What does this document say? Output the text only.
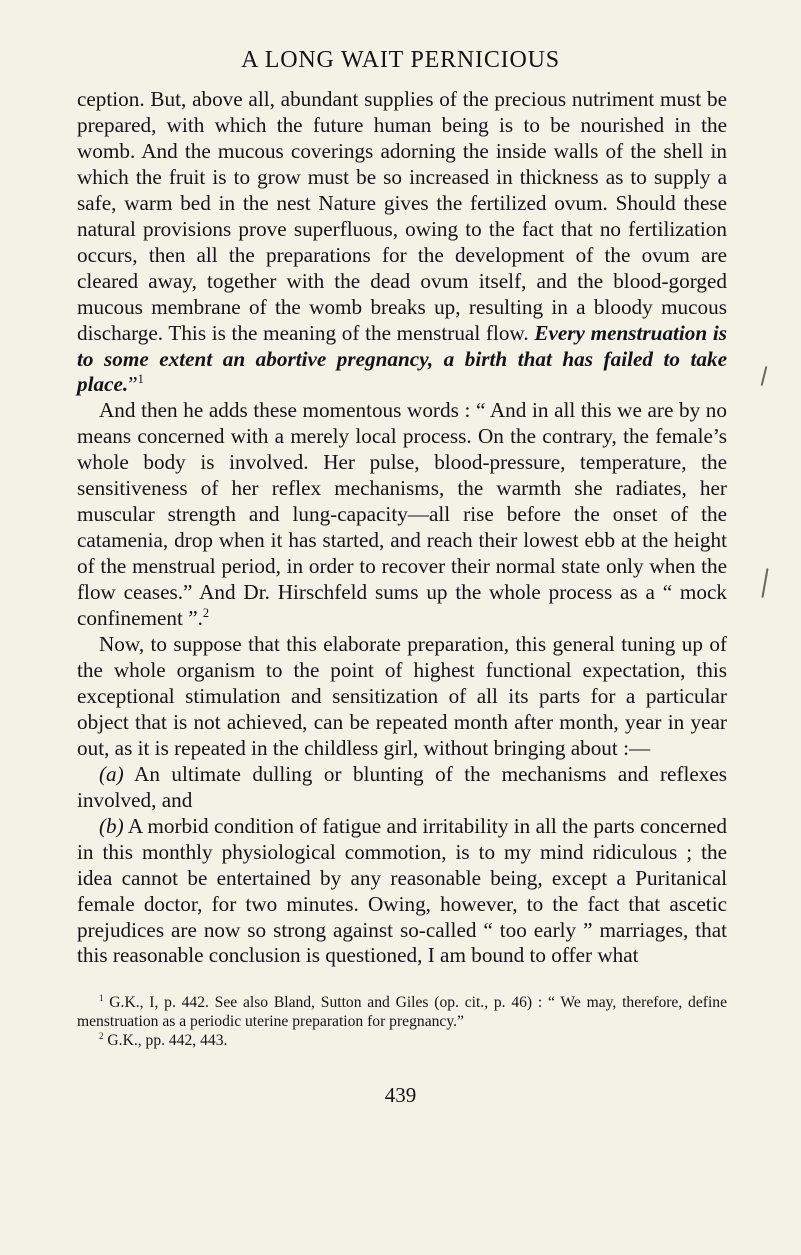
A LONG WAIT PERNICIOUS

ception. But, above all, abundant supplies of the precious nutriment must be prepared, with which the future human being is to be nourished in the womb. And the mucous coverings adorning the inside walls of the shell in which the fruit is to grow must be so increased in thickness as to supply a safe, warm bed in the nest Nature gives the fertilized ovum. Should these natural provisions prove superfluous, owing to the fact that no fertilization occurs, then all the preparations for the development of the ovum are cleared away, together with the dead ovum itself, and the blood-gorged mucous membrane of the womb breaks up, resulting in a bloody mucous discharge. This is the meaning of the menstrual flow. Every menstruation is to some extent an abortive pregnancy, a birth that has failed to take place.”$^1$

And then he adds these momentous words : “ And in all this we are by no means concerned with a merely local process. On the contrary, the female’s whole body is involved. Her pulse, blood-pressure, temperature, the sensitiveness of her reflex mechanisms, the warmth she radiates, her muscular strength and lung-capacity—all rise before the onset of the catamenia, drop when it has started, and reach their lowest ebb at the height of the menstrual period, in order to recover their normal state only when the flow ceases.” And Dr. Hirschfeld sums up the whole process as a “ mock confinement ”.$^2$

Now, to suppose that this elaborate preparation, this general tuning up of the whole organism to the point of highest functional expectation, this exceptional stimulation and sensitization of all its parts for a particular object that is not achieved, can be repeated month after month, year in year out, as it is repeated in the childless girl, without bringing about :—

(a) An ultimate dulling or blunting of the mechanisms and reflexes involved, and

(b) A morbid condition of fatigue and irritability in all the parts concerned in this monthly physiological commotion, is to my mind ridiculous ; the idea cannot be entertained by any reasonable being, except a Puritanical female doctor, for two minutes. Owing, however, to the fact that ascetic prejudices are now so strong against so-called “ too early ” marriages, that this reasonable conclusion is questioned, I am bound to offer what

$^1$ G.K., I, p. 442. See also Bland, Sutton and Giles (op. cit., p. 46) : “ We may, therefore, define menstruation as a periodic uterine preparation for pregnancy.”

$^2$ G.K., pp. 442, 443.

439
